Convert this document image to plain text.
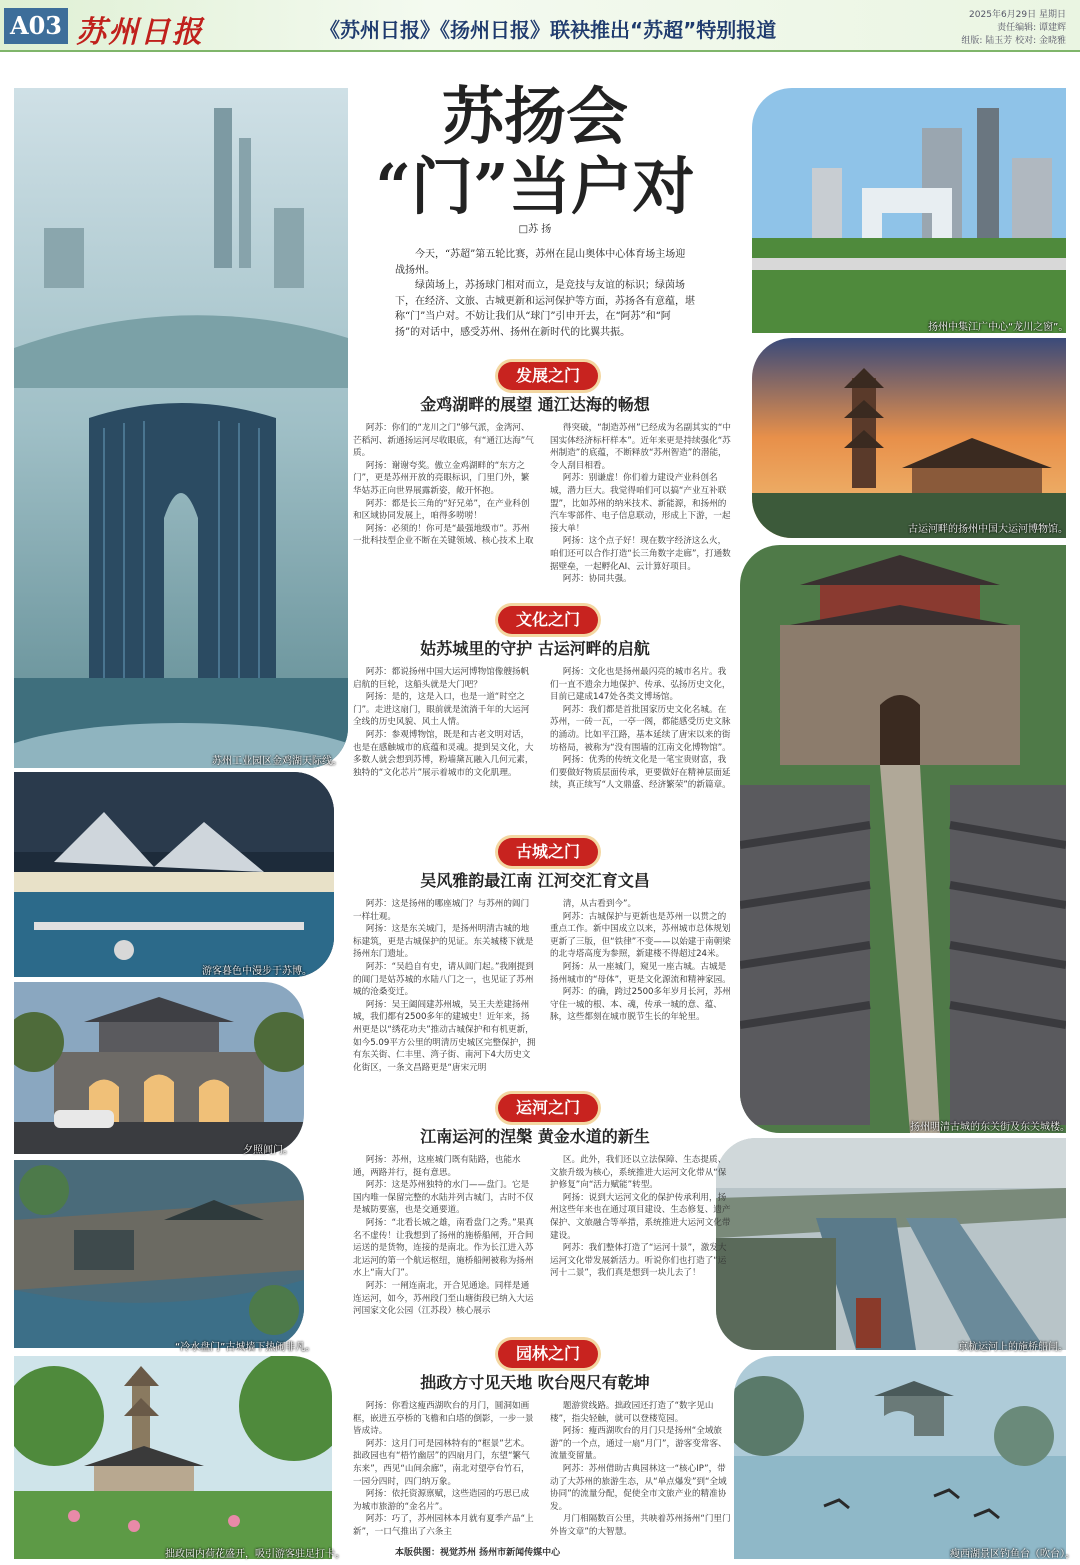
A03 苏州日报	《苏州日报》《扬州日报》联袂推出“苏超”特别报道
2025年6月29日 星期日
责任编辑: 谭建辉
组版: 陆玉芳 校对: 金晓雅
苏州工业园区金鸡湖天际线。
游客暮色中漫步于苏博。
夕照阊门。
“冷水盘门”古城墙下热闹非凡。
拙政园内荷花盛开，吸引游客驻足打卡。
扬州中集江广中心“龙川之窗”。
古运河畔的扬州中国大运河博物馆。
扬州明清古城的东关街及东关城楼。
京杭运河上的施桥船闸。
瘦西湖景区钓鱼台（吹台）。
苏扬会
“门”当户对
□苏 扬

今天，“苏超”第五轮比赛，苏州在昆山奥体中心体育场主场迎战扬州。

绿茵场上，苏扬球门相对而立，是竞技与友谊的标识；绿茵场下，在经济、文旅、古城更新和运河保护等方面，苏扬各有意蕴，堪称“门”当户对。不妨让我们从“球门”引申开去，在“阿苏”和“阿扬”的对话中，感受苏州、扬州在新时代的比翼共振。

发展之门
金鸡湖畔的展望 通江达海的畅想

阿苏：你们的“龙川之门”够气派，金湾河、芒稻河、新通扬运河尽收眼底，有“通江达海”气质。

阿扬：谢谢夸奖。傲立金鸡湖畔的“东方之门”，更是苏州开放的亮眼标识，门里门外，繁华姑苏正向世界展露新姿，敞开怀抱。

阿苏：都是长三角的“好兄弟”，在产业科创和区域协同发展上，咱得多唠唠！

阿扬：必须的！你可是“最强地级市”。苏州一批科技型企业不断在关键领域、核心技术上取

得突破，“制造苏州”已经成为名副其实的“中国实体经济标杆样本”。近年来更是持续强化“苏州制造”的底蕴，不断释放“苏州智造”的潜能，令人刮目相看。

阿苏：别谦虚！你们着力建设产业科创名城，潜力巨大。我觉得咱们可以搞“产业互补联盟”，比如苏州的纳米技术、新能源，和扬州的汽车零部件、电子信息联动，形成上下游，一起接大单！

阿扬：这个点子好！现在数字经济这么火，咱们还可以合作打造“长三角数字走廊”，打通数据壁垒，一起孵化AI、云计算好项目。

阿苏：协同共强。

文化之门
姑苏城里的守护 古运河畔的启航

阿苏：都说扬州中国大运河博物馆像艘扬帆启航的巨轮，这船头就是大门吧？

阿扬：是的，这是入口，也是一道“时空之门”。走进这扇门，眼前就是流淌千年的大运河全线的历史风貌、风土人情。

阿苏：参观博物馆，既是和古老文明对话，也是在感触城市的底蕴和灵魂。提到吴文化，大多数人就会想到苏博，粉墙黛瓦融入几何元素，独特的“文化芯片”展示着城市的文化肌理。

阿扬：文化也是扬州最闪亮的城市名片。我们一直不遗余力地保护、传承、弘扬历史文化，目前已建成147处各类文博场馆。

阿苏：我们都是首批国家历史文化名城。在苏州，一砖一瓦，一亭一阁，都能感受历史文脉的涌动。比如平江路，基本延续了唐宋以来的街坊格局，被称为“没有围墙的江南文化博物馆”。

阿扬：优秀的传统文化是一笔宝贵财富，我们要做好物质层面传承，更要做好在精神层面延续，真正续写“人文鼎盛、经济繁荣”的新篇章。

古城之门
吴风雅韵最江南 江河交汇育文昌

阿苏：这是扬州的哪座城门？与苏州的阊门一样壮观。

阿扬：这是东关城门，是扬州明清古城的地标建筑，更是古城保护的见证。东关城楼下就是扬州东门遗址。

阿苏：“吴趋自有史，请从阊门起。”我刚提到的阊门是姑苏城的水陆八门之一，也见证了苏州城的沧桑变迁。

阿扬：吴王阖闾建苏州城，吴王夫差建扬州城，我们都有2500多年的建城史！近年来，扬州更是以“绣花功夫”推动古城保护和有机更新，如今5.09平方公里的明清历史城区完整保护，拥有东关街、仁丰里、湾子街、南河下4大历史文化街区，一条文昌路更是“唐宋元明

清，从古看到今”。

阿苏：古城保护与更新也是苏州一以贯之的重点工作。新中国成立以来，苏州城市总体规划更新了三版，但“铁律”不变——以始建于南朝梁的北寺塔高度为参照，新建楼不得超过24米。

阿扬：从一座城门，窥见一座古城。古城是扬州城市的“母体”，更是文化源流和精神家园。

阿苏：的确，跨过2500多年岁月长河，苏州守住一城的根、本、魂，传承一城的意、蕴、脉，这些都刻在城市脱节生长的年轮里。

运河之门
江南运河的涅槃 黄金水道的新生

阿扬：苏州，这座城门既有陆路，也能水通，两路并行，挺有意思。

阿苏：这是苏州独特的水门——盘门。它是国内唯一保留完整的水陆并列古城门，古时不仅是城防要塞，也是交通要道。

阿扬：“北看长城之雄，南看盘门之秀。”果真名不虚传！让我想到了扬州的施桥船闸，开合间运送的是货物，连接的是南北。作为长江进入苏北运河的第一个航运枢纽，施桥船闸被称为扬州水上“南大门”。

阿苏：一闸连南北，开合见通途。同样是通连运河，如今，苏州段门至山塘街段已纳入大运河国家文化公园（江苏段）核心展示

区。此外，我们还以立法保障、生态提质、文旅升级为核心，系统推进大运河文化带从“保护修复”向“活力赋能”转型。

阿扬：说到大运河文化的保护传承利用，扬州这些年来也在通过项目建设、生态修复、遗产保护、文旅融合等举措，系统推进大运河文化带建设。

阿苏：我们整体打造了“运河十景”，激发大运河文化带发展新活力。听说你们也打造了“运河十二景”，我们真是想到一块儿去了！

园林之门
拙政方寸见天地 吹台咫尺有乾坤

阿扬：你看这瘦西湖吹台的月门，圆洞如画框，嵌进五亭桥的飞檐和白塔的倒影，一步一景皆成诗。

阿苏：这月门可是园林特有的“框景”艺术。拙政园也有“梧竹幽居”的四扇月门，东望“繁气东来”，西见“山间余廊”，南北对望亭台竹石，一园分四时，四门纳万象。

阿扬：依托资源禀赋，这些造园的巧思已成为城市旅游的“金名片”。

阿苏：巧了，苏州园林本月就有夏季产品“上新”，一口气推出了六条主

题游赏线路。拙政园还打造了“数字见山楼”，指尖轻触，就可以登楼览园。

阿扬：瘦西湖吹台的月门只是扬州“全域旅游”的一个点，通过一扇“月门”，游客变常客、流量变留量。

阿苏：苏州借助古典园林这一“核心IP”，带动了大苏州的旅游生态，从“单点爆发”到“全域协同”的流量分配，促使全市文旅产业的精准协发。

月门相隔数百公里，共映着苏州扬州“门里门外皆文章”的大智慧。

本版供图：视觉苏州 扬州市新闻传媒中心
